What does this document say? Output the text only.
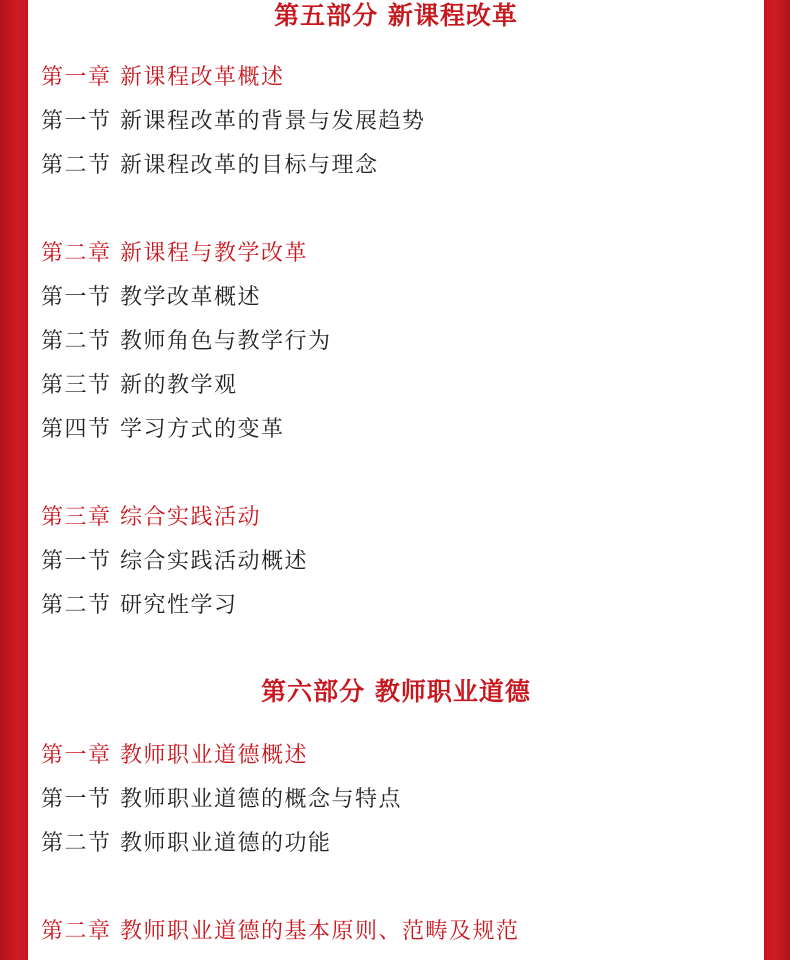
第五部分 新课程改革
第一章 新课程改革概述
第一节 新课程改革的背景与发展趋势
第二节 新课程改革的目标与理念
第二章 新课程与教学改革
第一节 教学改革概述
第二节 教师角色与教学行为
第三节 新的教学观
第四节 学习方式的变革
第三章 综合实践活动
第一节 综合实践活动概述
第二节 研究性学习
第六部分 教师职业道德
第一章 教师职业道德概述
第一节 教师职业道德的概念与特点
第二节 教师职业道德的功能
第二章 教师职业道德的基本原则、范畴及规范
